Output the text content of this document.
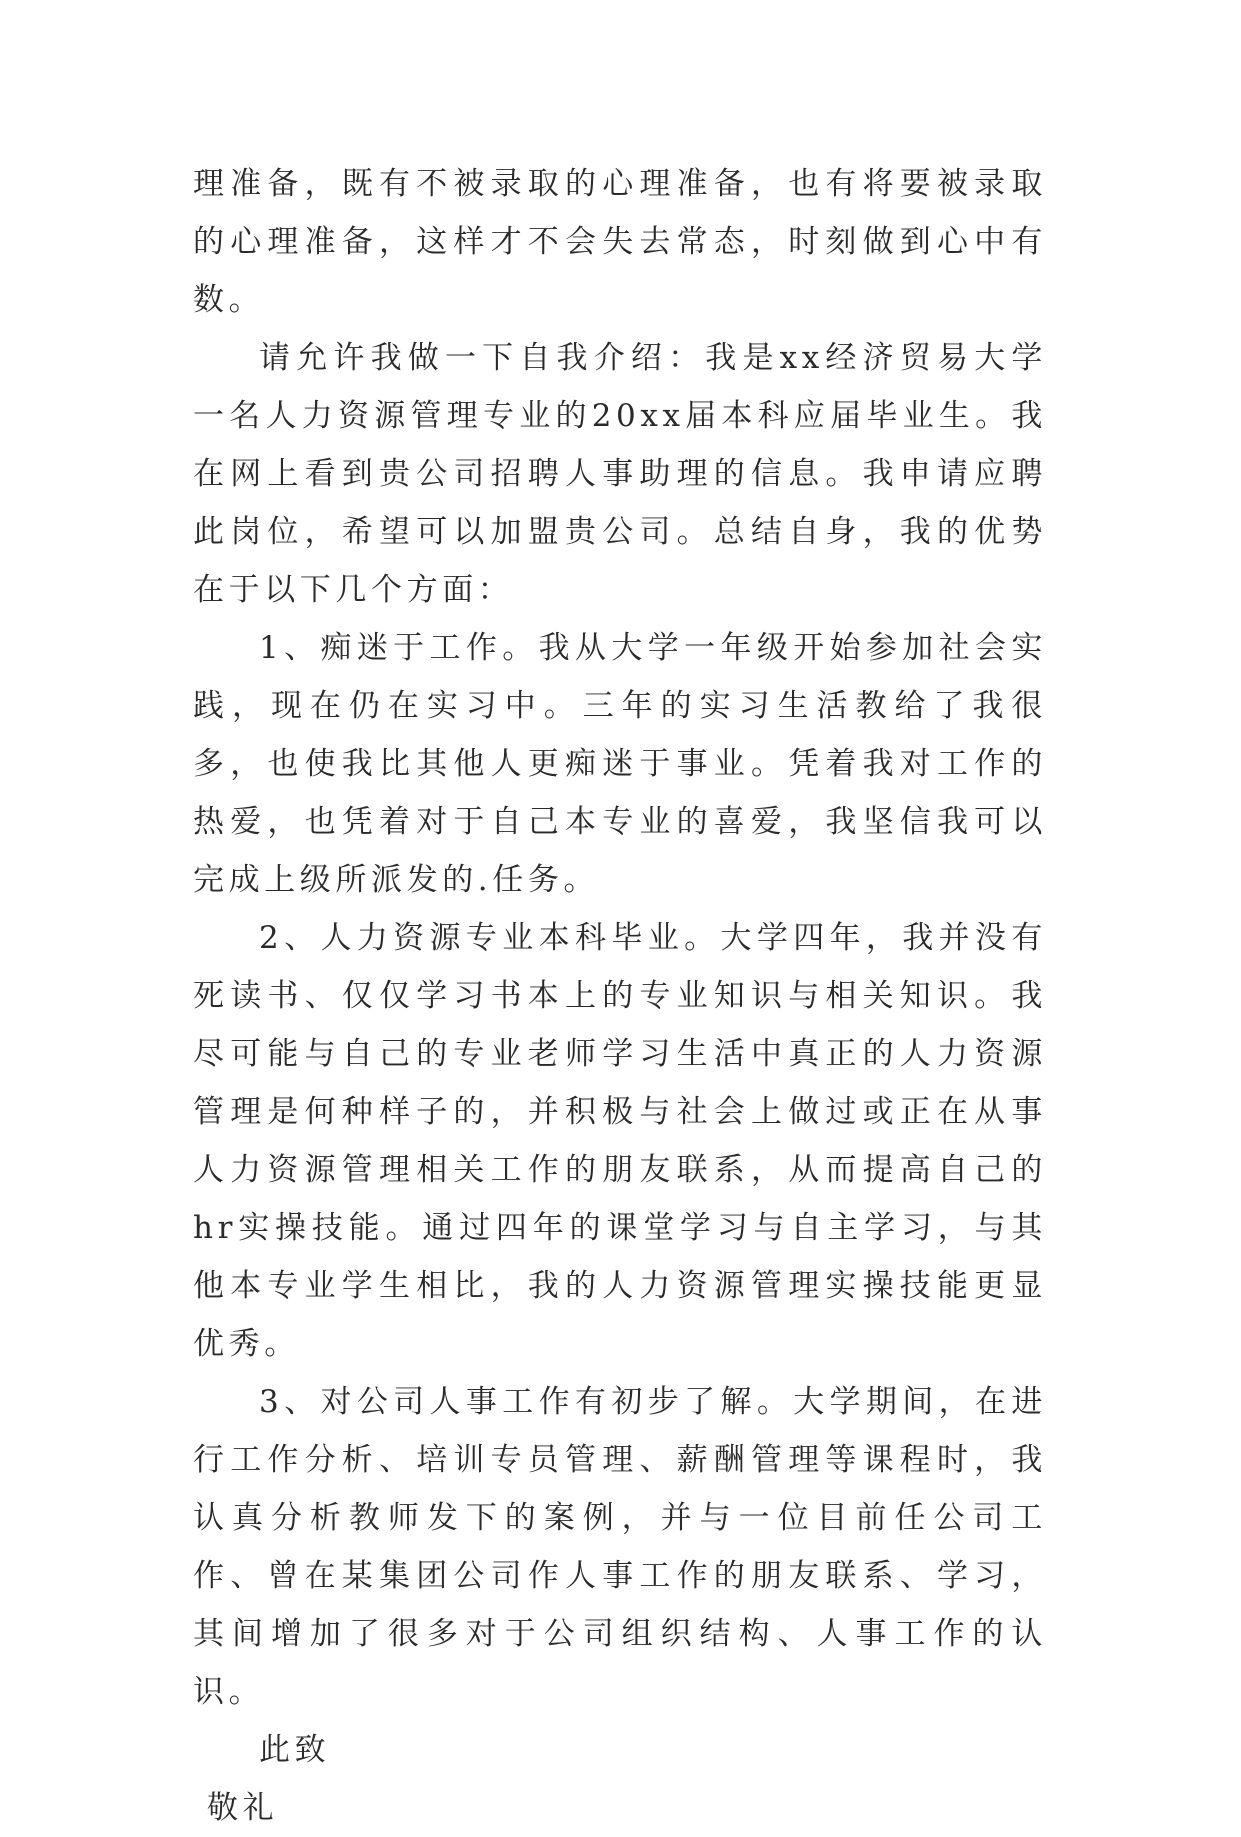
理准备，既有不被录取的心理准备，也有将要被录取的心理准备，这样才不会失去常态，时刻做到心中有数。

请允许我做一下自我介绍：我是xx经济贸易大学一名人力资源管理专业的20xx届本科应届毕业生。我在网上看到贵公司招聘人事助理的信息。我申请应聘此岗位，希望可以加盟贵公司。总结自身，我的优势在于以下几个方面：

1、痴迷于工作。我从大学一年级开始参加社会实践，现在仍在实习中。三年的实习生活教给了我很多，也使我比其他人更痴迷于事业。凭着我对工作的热爱，也凭着对于自己本专业的喜爱，我坚信我可以完成上级所派发的.任务。

2、人力资源专业本科毕业。大学四年，我并没有死读书、仅仅学习书本上的专业知识与相关知识。我尽可能与自己的专业老师学习生活中真正的人力资源管理是何种样子的，并积极与社会上做过或正在从事人力资源管理相关工作的朋友联系，从而提高自己的hr实操技能。通过四年的课堂学习与自主学习，与其他本专业学生相比，我的人力资源管理实操技能更显优秀。

3、对公司人事工作有初步了解。大学期间，在进行工作分析、培训专员管理、薪酬管理等课程时，我认真分析教师发下的案例，并与一位目前任公司工作、曾在某集团公司作人事工作的朋友联系、学习，其间增加了很多对于公司组织结构、人事工作的认识。

此致

敬礼
